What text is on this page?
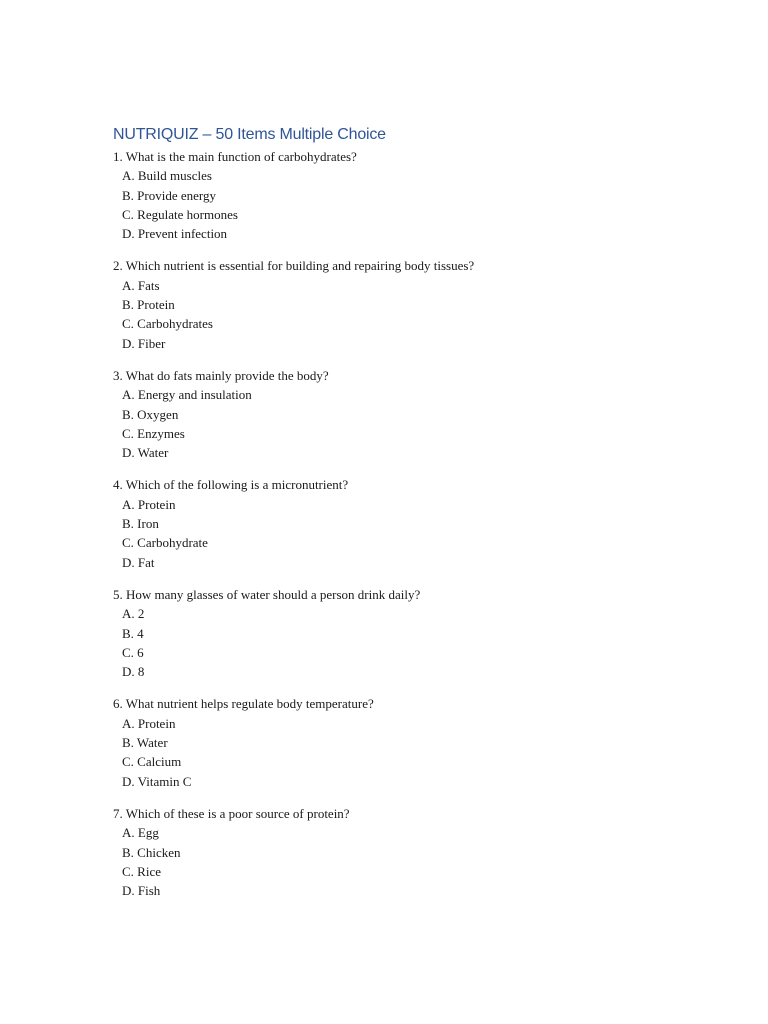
NUTRIQUIZ – 50 Items Multiple Choice
1. What is the main function of carbohydrates?
A. Build muscles
B. Provide energy
C. Regulate hormones
D. Prevent infection
2. Which nutrient is essential for building and repairing body tissues?
A. Fats
B. Protein
C. Carbohydrates
D. Fiber
3. What do fats mainly provide the body?
A. Energy and insulation
B. Oxygen
C. Enzymes
D. Water
4. Which of the following is a micronutrient?
A. Protein
B. Iron
C. Carbohydrate
D. Fat
5. How many glasses of water should a person drink daily?
A. 2
B. 4
C. 6
D. 8
6. What nutrient helps regulate body temperature?
A. Protein
B. Water
C. Calcium
D. Vitamin C
7. Which of these is a poor source of protein?
A. Egg
B. Chicken
C. Rice
D. Fish
